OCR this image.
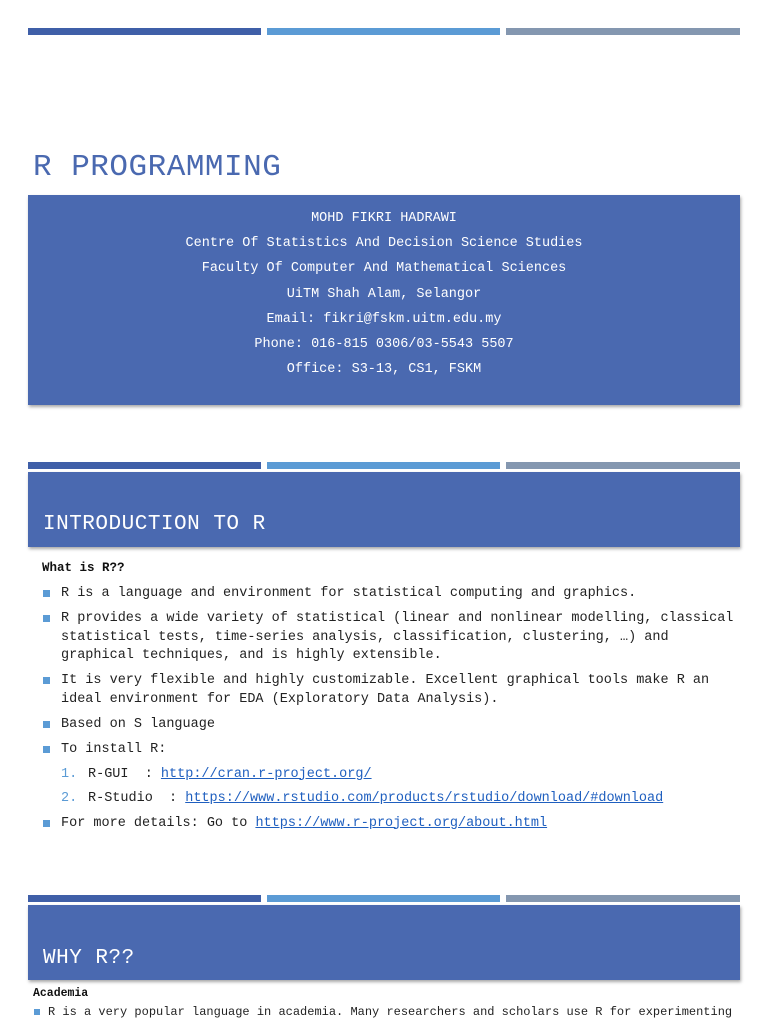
R PROGRAMMING
MOHD FIKRI HADRAWI
Centre Of Statistics And Decision Science Studies
Faculty Of Computer And Mathematical Sciences
UiTM Shah Alam, Selangor
Email: fikri@fskm.uitm.edu.my
Phone: 016-815 0306/03-5543 5507
Office: S3-13, CS1, FSKM
INTRODUCTION TO R
What is R??
R is a language and environment for statistical computing and graphics.
R provides a wide variety of statistical (linear and nonlinear modelling, classical statistical tests, time-series analysis, classification, clustering, …) and graphical techniques, and is highly extensible.
It is very flexible and highly customizable. Excellent graphical tools make R an ideal environment for EDA (Exploratory Data Analysis).
Based on S language
To install R:
1. R-GUI  : http://cran.r-project.org/
2. R-Studio  : https://www.rstudio.com/products/rstudio/download/#download
For more details: Go to https://www.r-project.org/about.html
WHY R??
Academia
R is a very popular language in academia. Many researchers and scholars use R for experimenting
